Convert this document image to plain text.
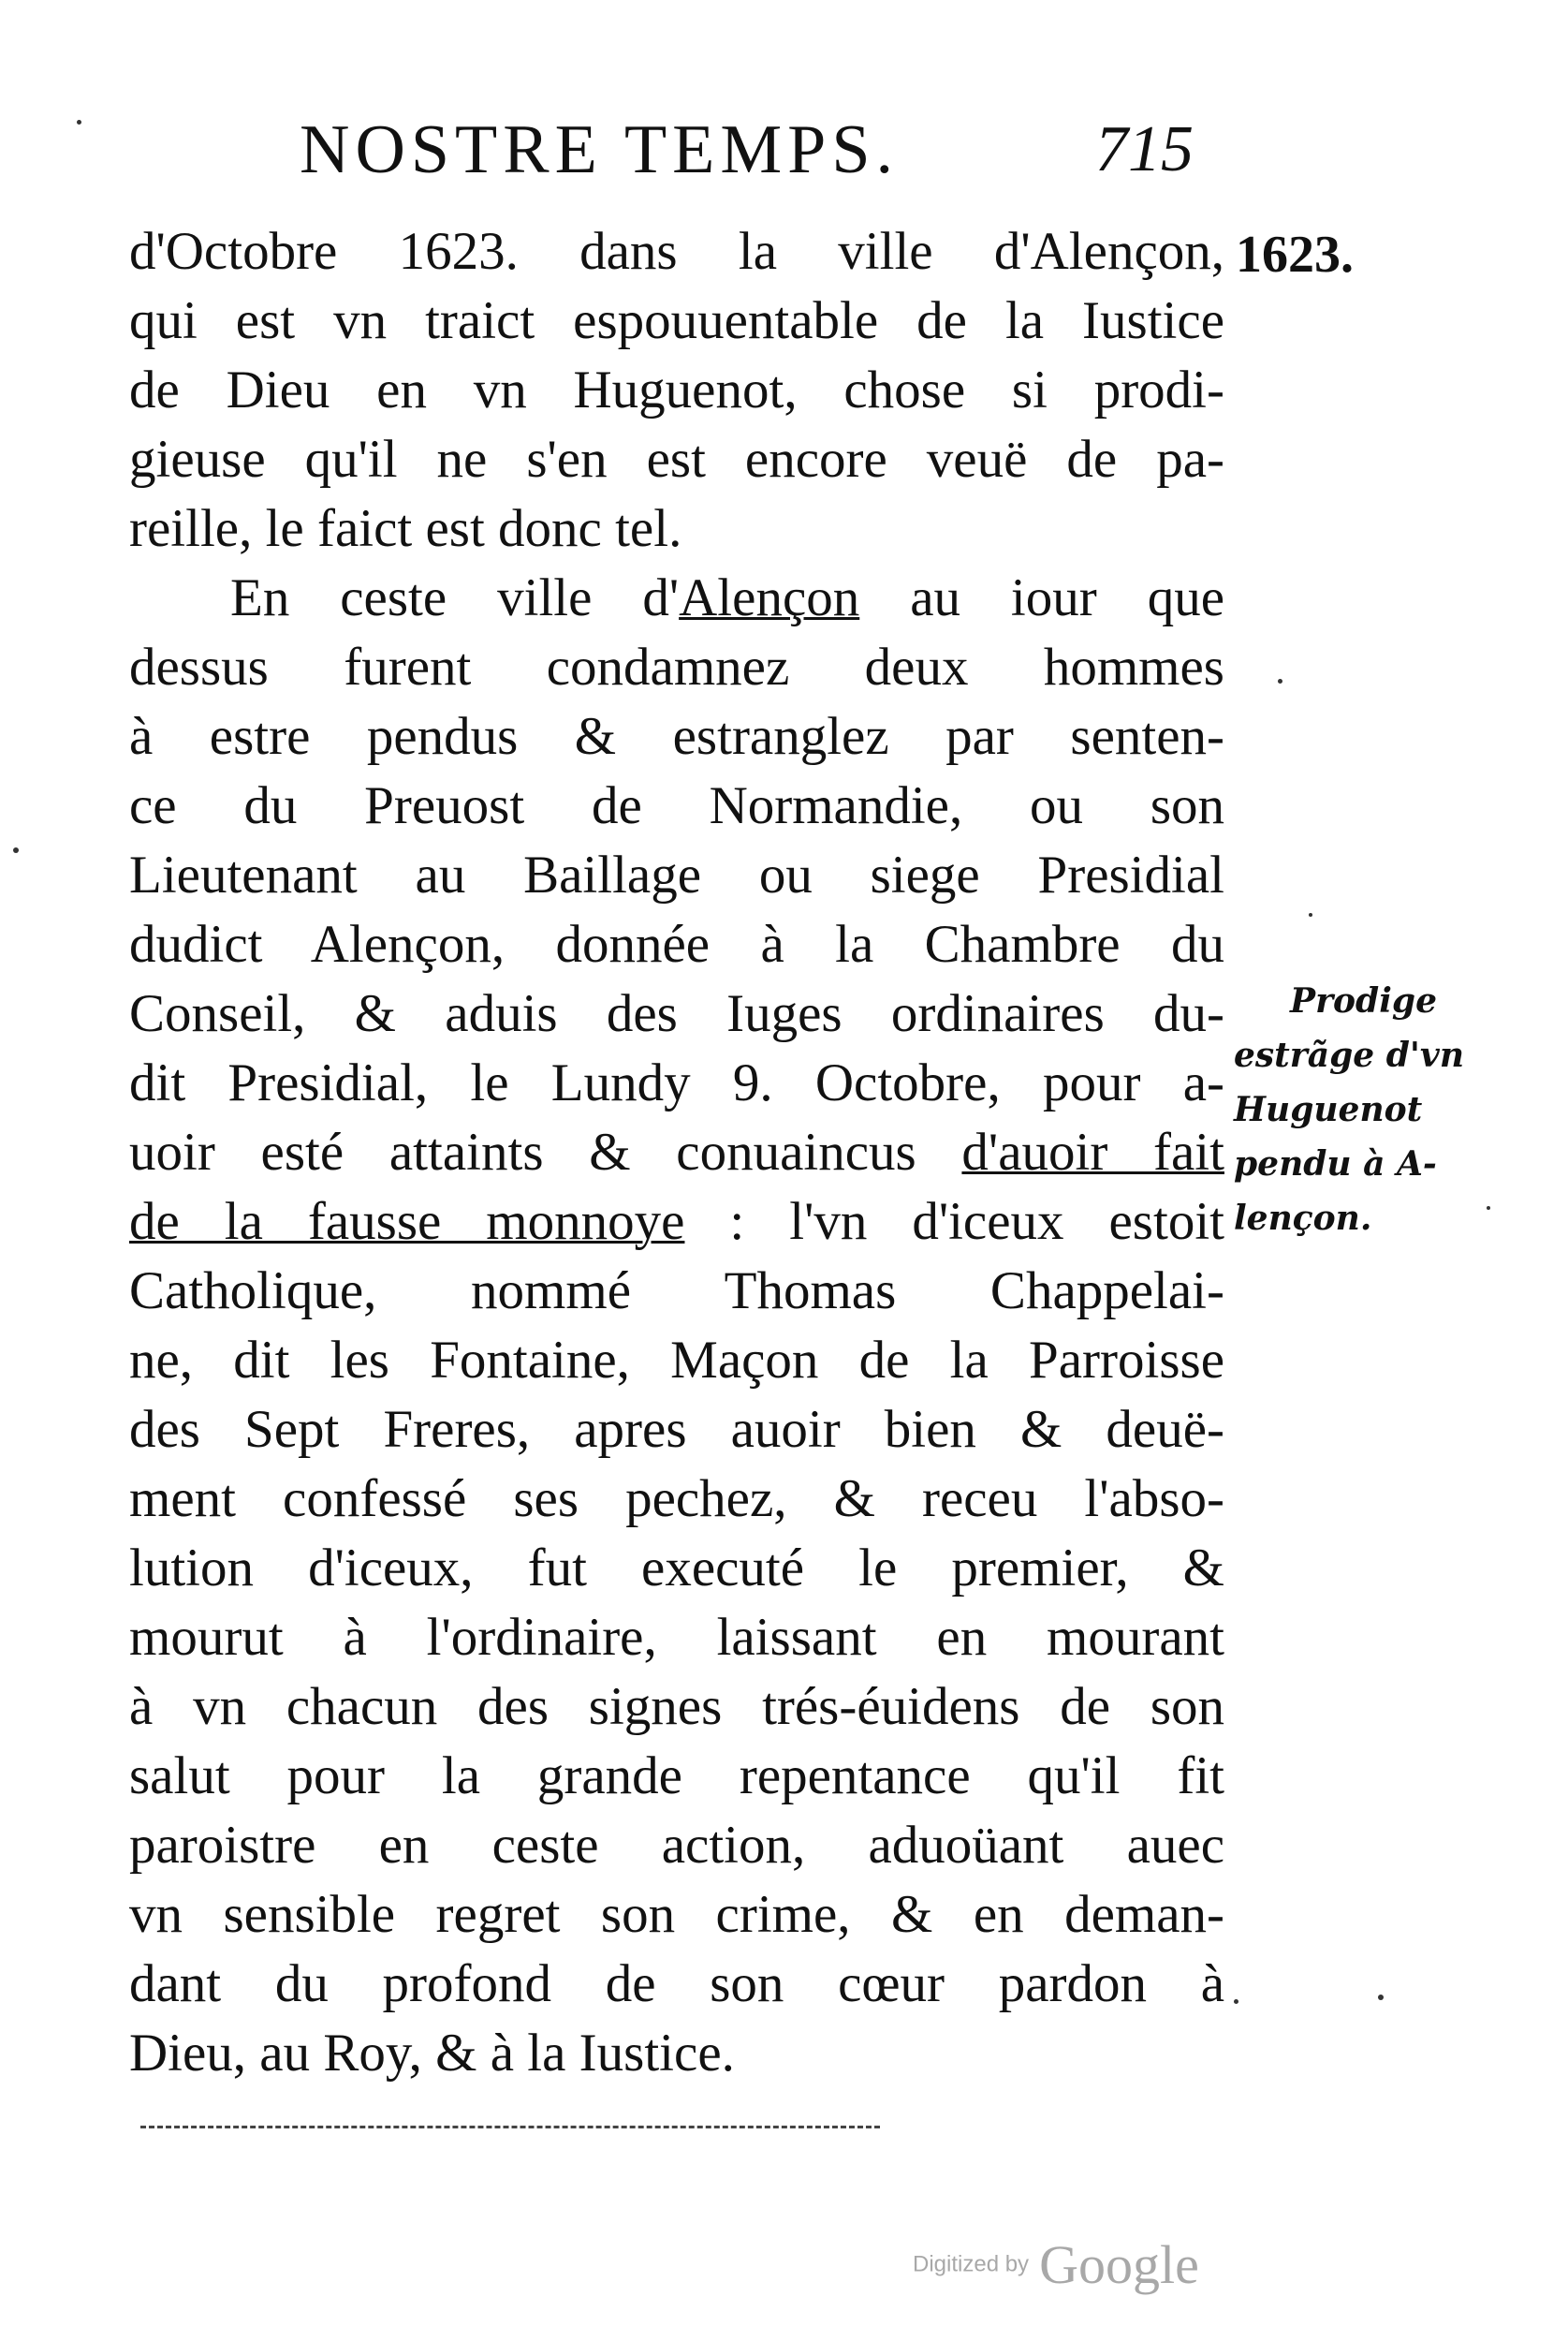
NOSTRE TEMPS.	715
1623.
d'Octobre 1623. dans la ville d'Alençon,
qui est vn traict espouuentable de la Iustice
de Dieu en vn Huguenot, chose si prodi-
gieuse qu'il ne s'en est encore veuë de pa-
reille, le faict est donc tel.
En ceste ville d'Alençon au iour que
dessus furent condamnez deux hommes
à estre pendus & estranglez par senten-
ce du Preuost de Normandie, ou son
Lieutenant au Baillage ou siege Presidial
dudict Alençon, donnée à la Chambre du
Conseil, & aduis des Iuges ordinaires du-
dit Presidial, le Lundy 9. Octobre, pour a-
uoir esté attaints & conuaincus d'auoir fait
de la fausse monnoye : l'vn d'iceux estoit
Catholique, nommé Thomas Chappelai-
ne, dit les Fontaine, Maçon de la Parroisse
des Sept Freres, apres auoir bien & deuë-
ment confessé ses pechez, & receu l'abso-
lution d'iceux, fut executé le premier, &
mourut à l'ordinaire, laissant en mourant
à vn chacun des signes trés-éuidens de son
salut pour la grande repentance qu'il fit
paroistre en ceste action, aduoüant auec
vn sensible regret son crime, & en deman-
dant du profond de son cœur pardon à
Dieu, au Roy, & à la Iustice.
Prodige
estrãge d'vn
Huguenot
pendu à A-
lençon.
Digitized by Google
